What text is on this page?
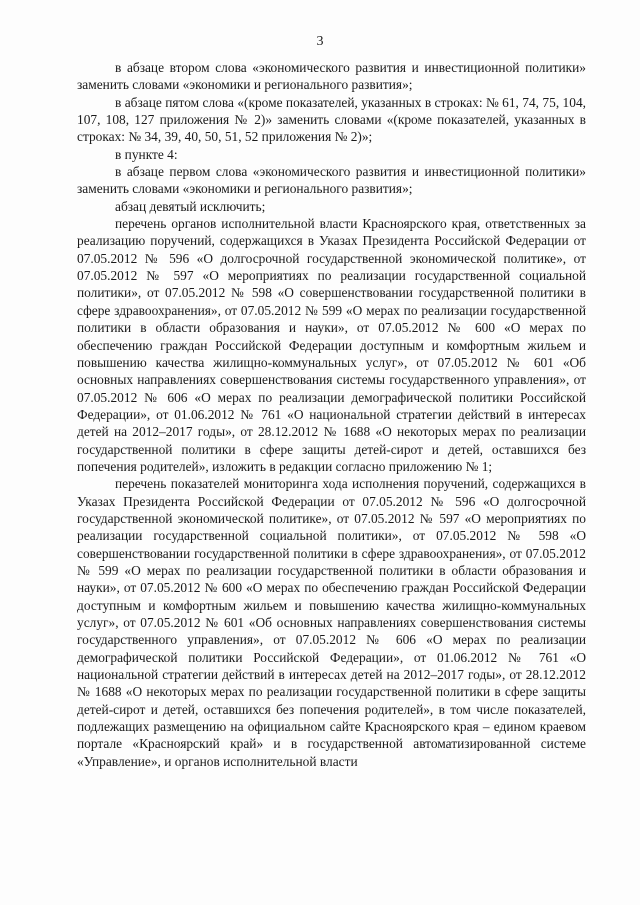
3

в абзаце втором слова «экономического развития и инвестиционной политики» заменить словами «экономики и регионального развития»;

в абзаце пятом слова «(кроме показателей, указанных в строках: № 61, 74, 75, 104, 107, 108, 127 приложения № 2)» заменить словами «(кроме показателей, указанных в строках: № 34, 39, 40, 50, 51, 52 приложения № 2)»;

в пункте 4:

в абзаце первом слова «экономического развития и инвестиционной политики» заменить словами «экономики и регионального развития»;

абзац девятый исключить;

перечень органов исполнительной власти Красноярского края, ответственных за реализацию поручений, содержащихся в Указах Президента Российской Федерации от 07.05.2012 № 596 «О долгосрочной государственной экономической политике», от 07.05.2012 № 597 «О мероприятиях по реализации государственной социальной политики», от 07.05.2012 № 598 «О совершенствовании государственной политики в сфере здравоохранения», от 07.05.2012 № 599 «О мерах по реализации государственной политики в области образования и науки», от 07.05.2012 № 600 «О мерах по обеспечению граждан Российской Федерации доступным и комфортным жильем и повышению качества жилищно-коммунальных услуг», от 07.05.2012 № 601 «Об основных направлениях совершенствования системы государственного управления», от 07.05.2012 № 606 «О мерах по реализации демографической политики Российской Федерации», от 01.06.2012 № 761 «О национальной стратегии действий в интересах детей на 2012–2017 годы», от 28.12.2012 № 1688 «О некоторых мерах по реализации государственной политики в сфере защиты детей-сирот и детей, оставшихся без попечения родителей», изложить в редакции согласно приложению № 1;

перечень показателей мониторинга хода исполнения поручений, содержащихся в Указах Президента Российской Федерации от 07.05.2012 № 596 «О долгосрочной государственной экономической политике», от 07.05.2012 № 597 «О мероприятиях по реализации государственной социальной политики», от 07.05.2012 № 598 «О совершенствовании государственной политики в сфере здравоохранения», от 07.05.2012 № 599 «О мерах по реализации государственной политики в области образования и науки», от 07.05.2012 № 600 «О мерах по обеспечению граждан Российской Федерации доступным и комфортным жильем и повышению качества жилищно-коммунальных услуг», от 07.05.2012 № 601 «Об основных направлениях совершенствования системы государственного управления», от 07.05.2012 № 606 «О мерах по реализации демографической политики Российской Федерации», от 01.06.2012 № 761 «О национальной стратегии действий в интересах детей на 2012–2017 годы», от 28.12.2012 № 1688 «О некоторых мерах по реализации государственной политики в сфере защиты детей-сирот и детей, оставшихся без попечения родителей», в том числе показателей, подлежащих размещению на официальном сайте Красноярского края – едином краевом портале «Красноярский край» и в государственной автоматизированной системе «Управление», и органов исполнительной власти
